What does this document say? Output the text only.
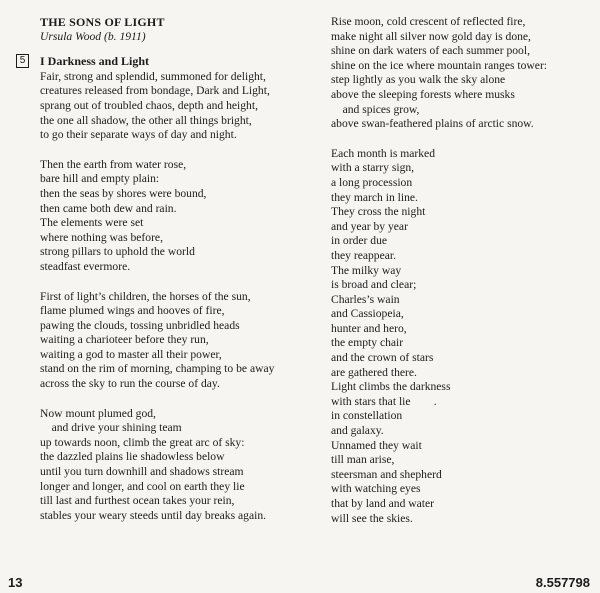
THE SONS OF LIGHT
Ursula Wood (b. 1911)
5	I Darkness and Light
Fair, strong and splendid, summoned for delight,
creatures released from bondage, Dark and Light,
sprang out of troubled chaos, depth and height,
the one all shadow, the other all things bright,
to go their separate ways of day and night.
Then the earth from water rose,
bare hill and empty plain:
then the seas by shores were bound,
then came both dew and rain.
The elements were set
where nothing was before,
strong pillars to uphold the world
steadfast evermore.
First of light’s children, the horses of the sun,
flame plumed wings and hooves of fire,
pawing the clouds, tossing unbridled heads
waiting a charioteer before they run,
waiting a god to master all their power,
stand on the rim of morning, champing to be away
across the sky to run the course of day.
Now mount plumed god,
and drive your shining team
up towards noon, climb the great arc of sky:
the dazzled plains lie shadowless below
until you turn downhill and shadows stream
longer and longer, and cool on earth they lie
till last and furthest ocean takes your rein,
stables your weary steeds until day breaks again.
Rise moon, cold crescent of reflected fire,
make night all silver now gold day is done,
shine on dark waters of each summer pool,
shine on the ice where mountain ranges tower:
step lightly as you walk the sky alone
above the sleeping forests where musks
and spices grow,
above swan-feathered plains of arctic snow.
Each month is marked
with a starry sign,
a long procession
they march in line.
They cross the night
and year by year
in order due
they reappear.
The milky way
is broad and clear;
Charles’s wain
and Cassiopeia,
hunter and hero,
the empty chair
and the crown of stars
are gathered there.
Light climbs the darkness
with stars that lie        .
in constellation
and galaxy.
Unnamed they wait
till man arise,
steersman and shepherd
with watching eyes
that by land and water
will see the skies.
13	8.557798
